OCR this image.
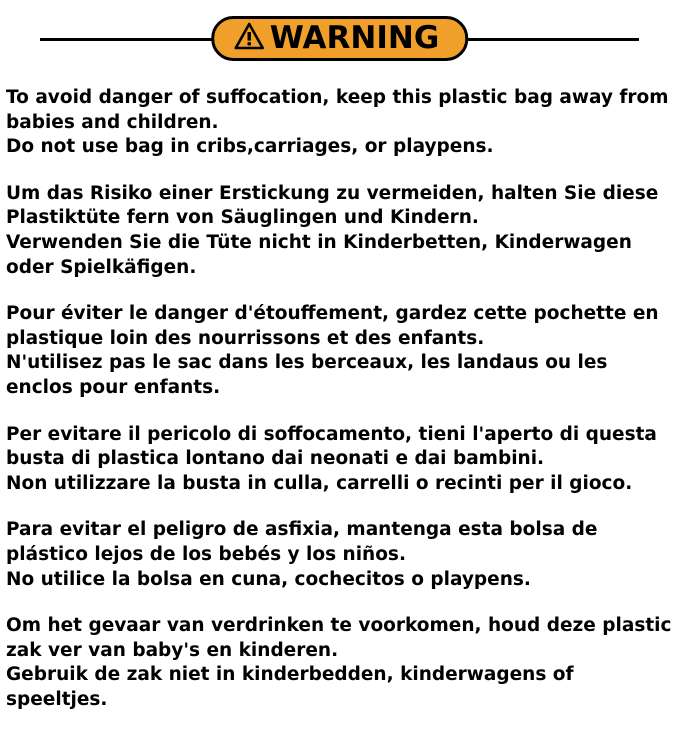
WARNING

To avoid danger of suffocation, keep this plastic bag away from babies and children.
Do not use bag in cribs,carriages, or playpens.

Um das Risiko einer Erstickung zu vermeiden, halten Sie diese Plastiktüte fern von Säuglingen und Kindern.
Verwenden Sie die Tüte nicht in Kinderbetten, Kinderwagen oder Spielkäfigen.

Pour éviter le danger d'étouffement, gardez cette pochette en plastique loin des nourrissons et des enfants.
N'utilisez pas le sac dans les berceaux, les landaus ou les enclos pour enfants.

Per evitare il pericolo di soffocamento, tieni l'aperto di questa busta di plastica lontano dai neonati e dai bambini.
Non utilizzare la busta in culla, carrelli o recinti per il gioco.

Para evitar el peligro de asfixia, mantenga esta bolsa de plástico lejos de los bebés y los niños.
No utilice la bolsa en cuna, cochecitos o playpens.

Om het gevaar van verdrinken te voorkomen, houd deze plastic zak ver van baby's en kinderen.
Gebruik de zak niet in kinderbedden, kinderwagens of speeltjes.
